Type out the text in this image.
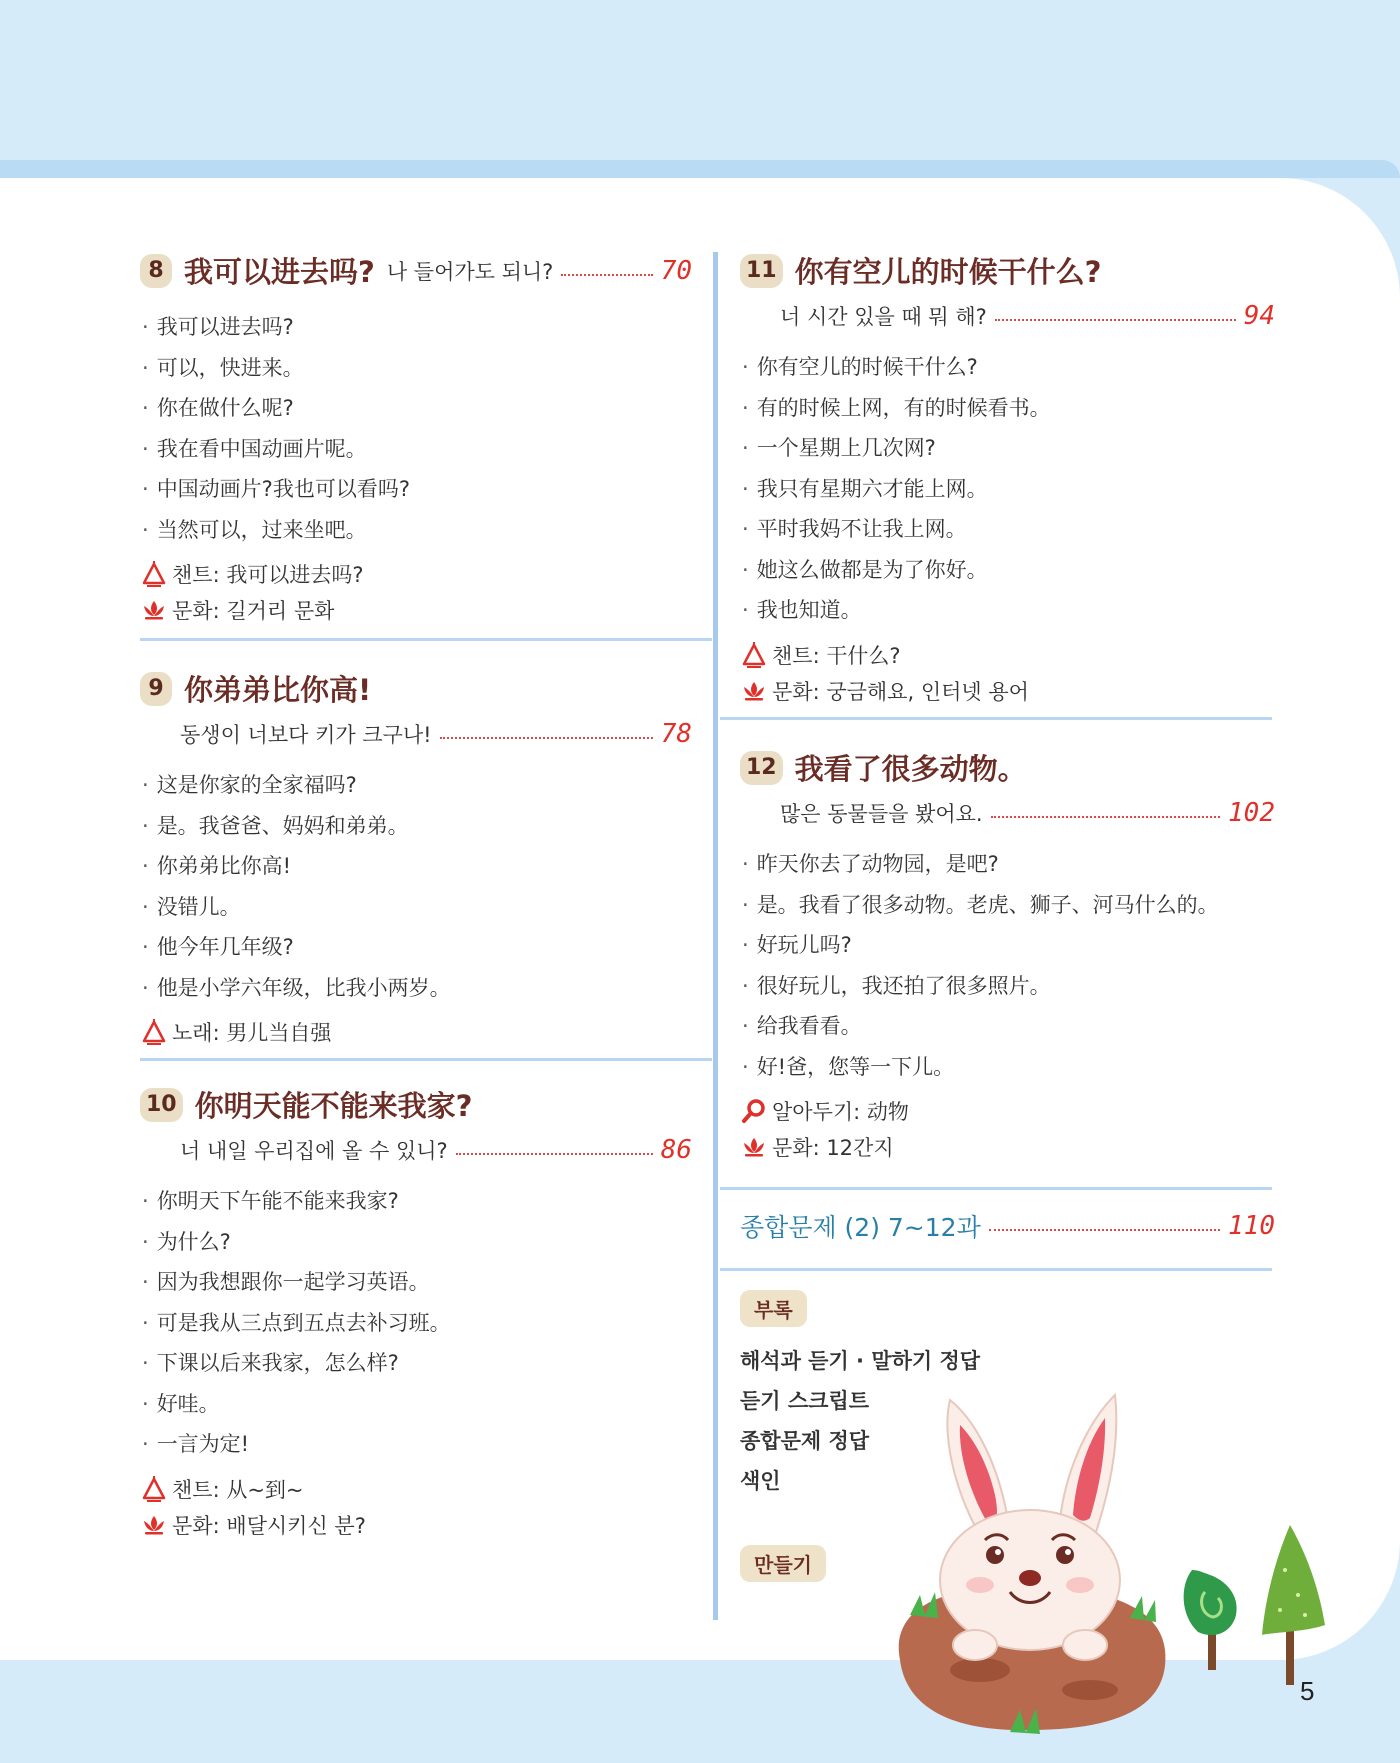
8 我可以进去吗? 나 들어가도 되니?	70
· 我可以进去吗?
· 可以，快进来。
· 你在做什么呢?
· 我在看中国动画片呢。
· 中国动画片?我也可以看吗?
· 当然可以，过来坐吧。
챈트: 我可以进去吗?
문화: 길거리 문화
9 你弟弟比你高!
동생이 너보다 키가 크구나!	78
· 这是你家的全家福吗?
· 是。我爸爸、妈妈和弟弟。
· 你弟弟比你高!
· 没错儿。
· 他今年几年级?
· 他是小学六年级，比我小两岁。
노래: 男儿当自强
10 你明天能不能来我家?
너 내일 우리집에 올 수 있니?	86
· 你明天下午能不能来我家?
· 为什么?
· 因为我想跟你一起学习英语。
· 可是我从三点到五点去补习班。
· 下课以后来我家，怎么样?
· 好哇。
· 一言为定!
챈트: 从~到~
문화: 배달시키신 분?
11 你有空儿的时候干什么?
너 시간 있을 때 뭐 해?	94
· 你有空儿的时候干什么?
· 有的时候上网，有的时候看书。
· 一个星期上几次网?
· 我只有星期六才能上网。
· 平时我妈不让我上网。
· 她这么做都是为了你好。
· 我也知道。
챈트: 干什么?
문화: 궁금해요, 인터넷 용어
12 我看了很多动物。
많은 동물들을 봤어요.	102
· 昨天你去了动物园，是吧?
· 是。我看了很多动物。老虎、狮子、河马什么的。
· 好玩儿吗?
· 很好玩儿，我还拍了很多照片。
· 给我看看。
· 好!爸，您等一下儿。
알아두기: 动物
문화: 12간지
종합문제 (2) 7~12과	110
부록
해석과 듣기 · 말하기 정답
듣기 스크립트
종합문제 정답
색인
만들기
5
